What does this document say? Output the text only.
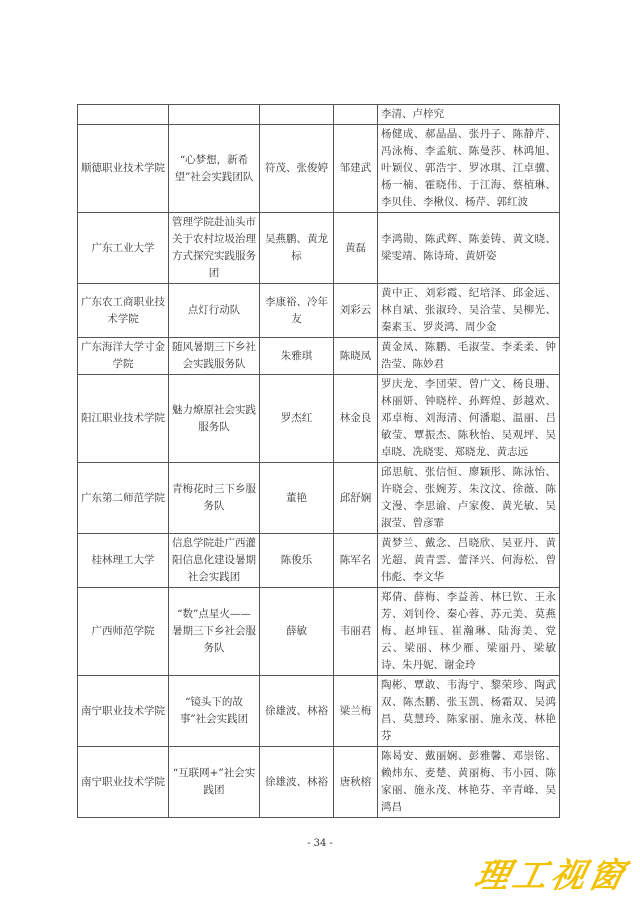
				李清、卢梓究
顺德职业技术学院	“心梦想，新希望”社会实践团队	符茂、张俊婷	邹建武	杨健成、郝晶晶、张丹子、陈静芹、冯泳梅、李孟航、陈曼莎、林鸿旭、叶颖仪、郭浩宇、罗冰琪、江卓骥、杨一楠、霍晓伟、于江海、蔡植琳、李贝佳、李楸仪、杨芹、郭红波
广东工业大学	管理学院赴汕头市关于农村垃圾治理方式探究实践服务团	吴燕鹏、黄龙标	黄磊	李鸿勋、陈武辉、陈姜铸、黄文晓、梁雯靖、陈诗琦、黄妍姿
广东农工商职业技术学院	点灯行动队	李康裕、冷年友	刘彩云	黄中正、刘彩霞、纪培泽、邱金远、林自斌、张淑玲、吴洽莹、吴柳光、秦素玉、罗炎鸿、周少金
广东海洋大学寸金学院	随风暑期三下乡社会实践服务队	朱雅琪	陈晓凤	黄金凤、陈鹏、毛淑莹、李柔柔、钟浩莹、陈妙君
阳江职业技术学院	魅力燎原社会实践服务队	罗杰红	林金良	罗庆龙、李団荣、曾广文、杨良珊、林丽妍、钟晓梓、孙辉煌、彭越欢、邓卓梅、刘海清、何潘聪、温丽、吕敏莹、覃振杰、陈秋怡、吴观坪、吴卓晓、冼晓雯、郑晓龙、黄志远
广东第二师范学院	青梅花时三下乡服务队	董艳	邱舒娴	邱思航、张信恒、廖颖彤、陈泳怡、许晓会、张婉芳、朱汶汶、徐薇、陈文漫、李思谕、卢家俊、黄光敏、吴淑莹、曾彦霏
桂林理工大学	信息学院赴广西灌阳信息化建设暑期社会实践团	陈俊乐	陈军名	黄梦兰、戴念、吕晓欣、吴亚丹、黄光超、黄青雲、蕾泽兴、何海松、曾伟彪、李文华
广西师范学院	“数”点星火——暑期三下乡社会服务队	薛敏	韦丽君	郑倩、薛梅、李益善、林巳钦、王永芳、刘钊伶、秦心蓉、苏元美、莫燕梅、赵坤钰、崔瀚琳、陆海美、党云、梁丽、林少雁、梁丽丹、梁敏诗、朱丹妮、谢金玲
南宁职业技术学院	“镜头下的故事”社会实践团	徐雄波、林裕	梁兰梅	陶彬、覃敢、韦海宁、黎荣珍、陶武双、陈杰鹏、张玉凯、杨霜双、吴鸿昌、莫慧玲、陈家丽、施永茂、林艳芬
南宁职业技术学院	“互联网+”社会实践团	徐雄波、林裕	唐秋榕	陈曷安、戴丽娴、彭雅馨、邓崇铭、赖炜东、麦楚、黄丽梅、韦小园、陈家丽、施永茂、林艳芬、辛青峰、吴鸿昌
- 34 -
理工视窗
